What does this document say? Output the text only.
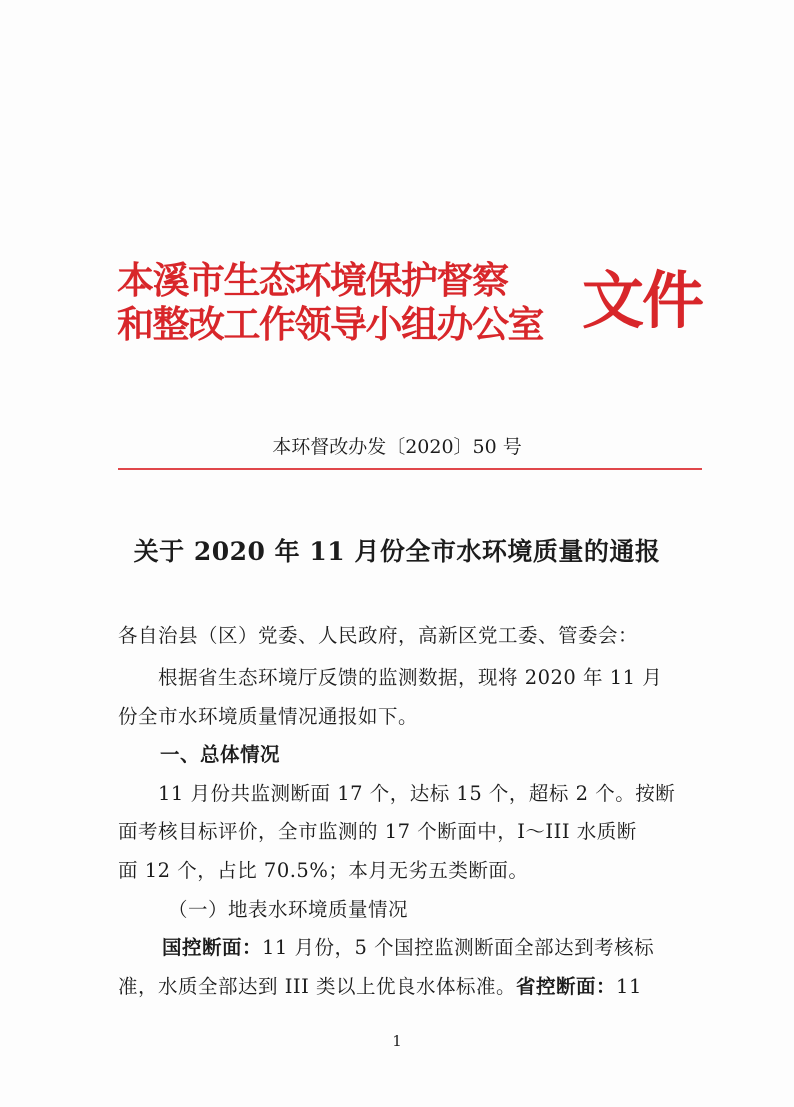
本溪市生态环境保护督察
和整改工作领导小组办公室 文件
本环督改办发〔2020〕50 号
关于 2020 年 11 月份全市水环境质量的通报
各自治县（区）党委、人民政府，高新区党工委、管委会：
根据省生态环境厅反馈的监测数据，现将 2020 年 11 月
份全市水环境质量情况通报如下。
一、总体情况
11 月份共监测断面 17 个，达标 15 个，超标 2 个。按断
面考核目标评价，全市监测的 17 个断面中，I～III 水质断
面 12 个，占比 70.5%；本月无劣五类断面。
（一）地表水环境质量情况
国控断面：11 月份，5 个国控监测断面全部达到考核标
准，水质全部达到 III 类以上优良水体标准。省控断面：11
1
